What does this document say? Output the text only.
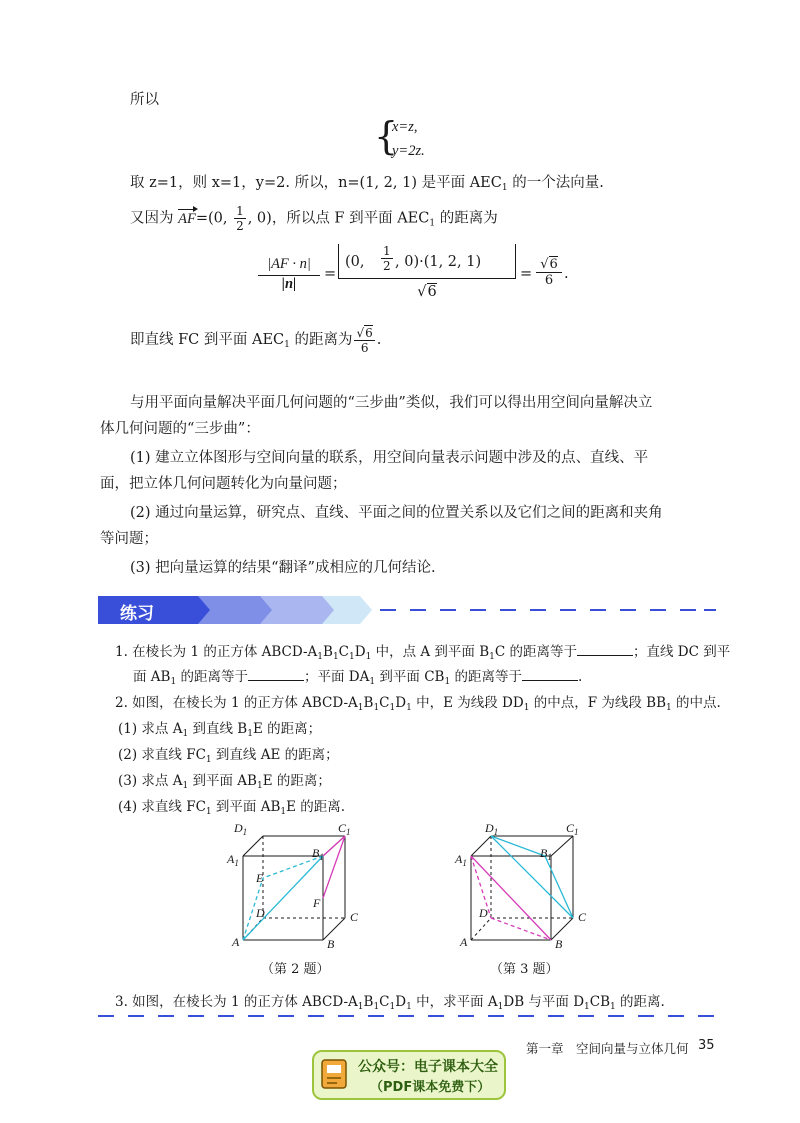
所以
{
x=z,
y=2z.
取 z=1，则 x=1，y=2. 所以，n=(1, 2, 1) 是平面 $AEC_1$ 的一个法向量.
又因为 AF=(0, $\frac{1}{2}$ , 0)，所以点 F 到平面 $AEC_1$ 的距离为
$\frac{|AF \cdot n|}{|n|}$ =
(0, $\frac{1}{2}$ , 0)·(1, 2, 1)
√6
= $\frac{√6}{6}$ .
即直线 FC 到平面 $AEC_1$ 的距离为 $\frac{√6}{6}$ .
与用平面向量解决平面几何问题的“三步曲”类似，我们可以得出用空间向量解决立
体几何问题的“三步曲”：
(1) 建立立体图形与空间向量的联系，用空间向量表示问题中涉及的点、直线、平
面，把立体几何问题转化为向量问题；
(2) 通过向量运算，研究点、直线、平面之间的位置关系以及它们之间的距离和夹角
等问题；
(3) 把向量运算的结果“翻译”成相应的几何结论.
练习
1. 在棱长为 1 的正方体 ABCD-$A_1B_1C_1D_1$ 中，点 A 到平面 $B_1C$ 的距离等于	；直线 DC 到平
面 $AB_1$ 的距离等于	；平面 $DA_1$ 到平面 $CB_1$ 的距离等于	.
2. 如图，在棱长为 1 的正方体 ABCD-$A_1B_1C_1D_1$ 中，E 为线段 $DD_1$ 的中点，F 为线段 $BB_1$ 的中点.
(1) 求点 $A_1$ 到直线 $B_1E$ 的距离；
(2) 求直线 $FC_1$ 到直线 AE 的距离；
(3) 求点 $A_1$ 到平面 $AB_1E$ 的距离；
(4) 求直线 $FC_1$ 到平面 $AB_1E$ 的距离.
$D_1$	$C_1$
$A_1$
$B_1$
E
F
D	C
A	B
（第 2 题）
$D_1$	$C_1$
$A_1$
$B_1$
D	C
A	B
（第 3 题）
3. 如图，在棱长为 1 的正方体 ABCD-$A_1B_1C_1D_1$ 中，求平面 $A_1DB$ 与平面 $D_1CB_1$ 的距离.
第一章　空间向量与立体几何 35
公众号：电子课本大全
（PDF课本免费下）
